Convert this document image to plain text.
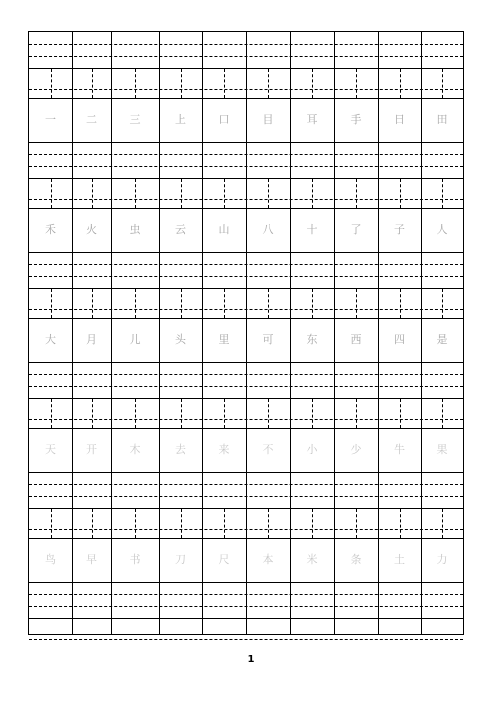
一	二	三	上	口	目	耳	手	日	田
禾	火	虫	云	山	八	十	了	子	人
大	月	儿	头	里	可	东	西	四	是
天	开	木	去	来	不	小	少	牛	果
鸟	早	书	刀	尺	本	米	条	土	力
1
